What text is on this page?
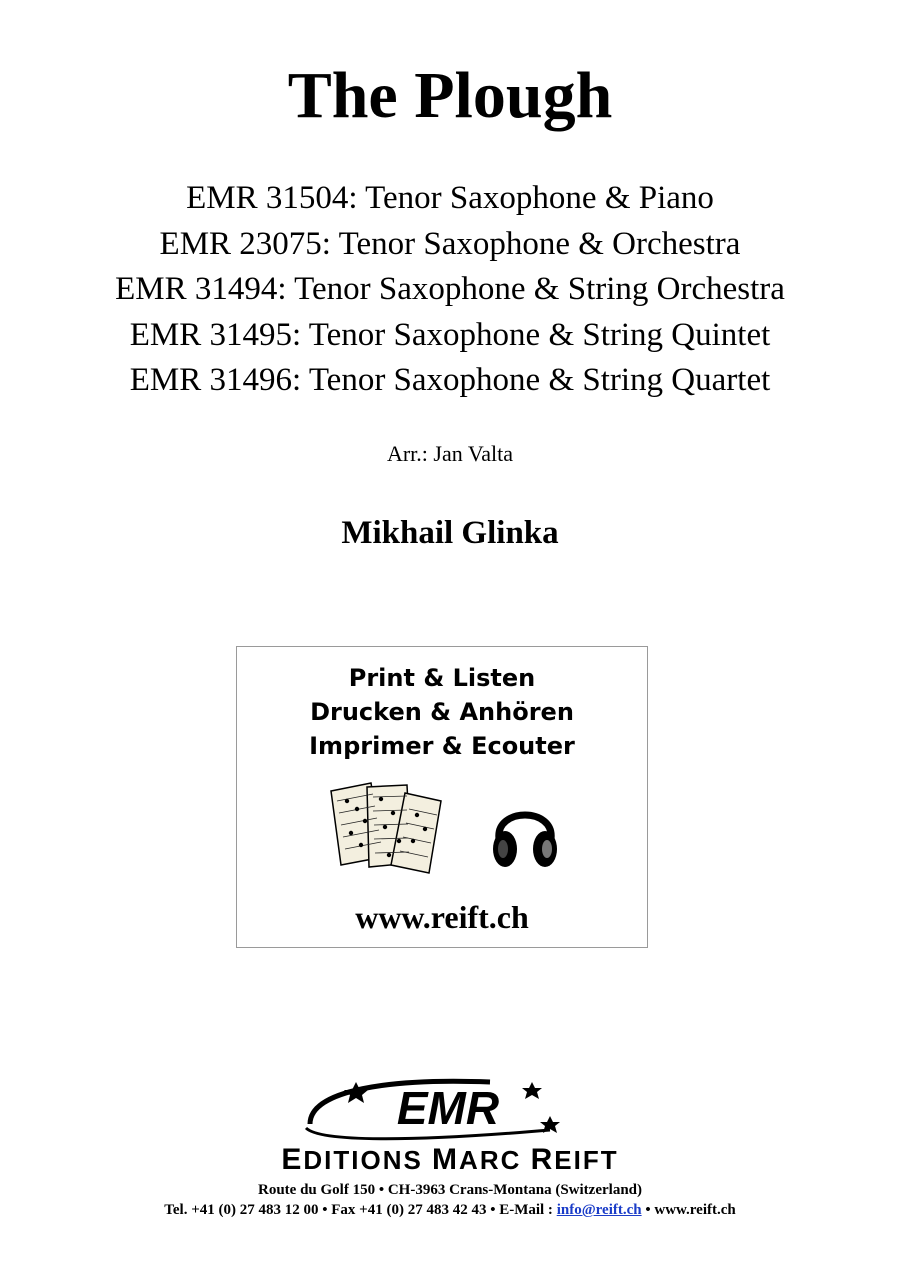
The Plough
EMR 31504: Tenor Saxophone & Piano
EMR 23075: Tenor Saxophone & Orchestra
EMR 31494: Tenor Saxophone & String Orchestra
EMR 31495: Tenor Saxophone & String Quintet
EMR 31496: Tenor Saxophone & String Quartet
Arr.: Jan Valta
Mikhail Glinka
Print & Listen
Drucken & Anhören
Imprimer & Ecouter
www.reift.ch
EMR
EDITIONS MARC REIFT
Route du Golf 150 • CH-3963 Crans-Montana (Switzerland)
Tel. +41 (0) 27 483 12 00 • Fax +41 (0) 27 483 42 43 • E-Mail : info@reift.ch • www.reift.ch
